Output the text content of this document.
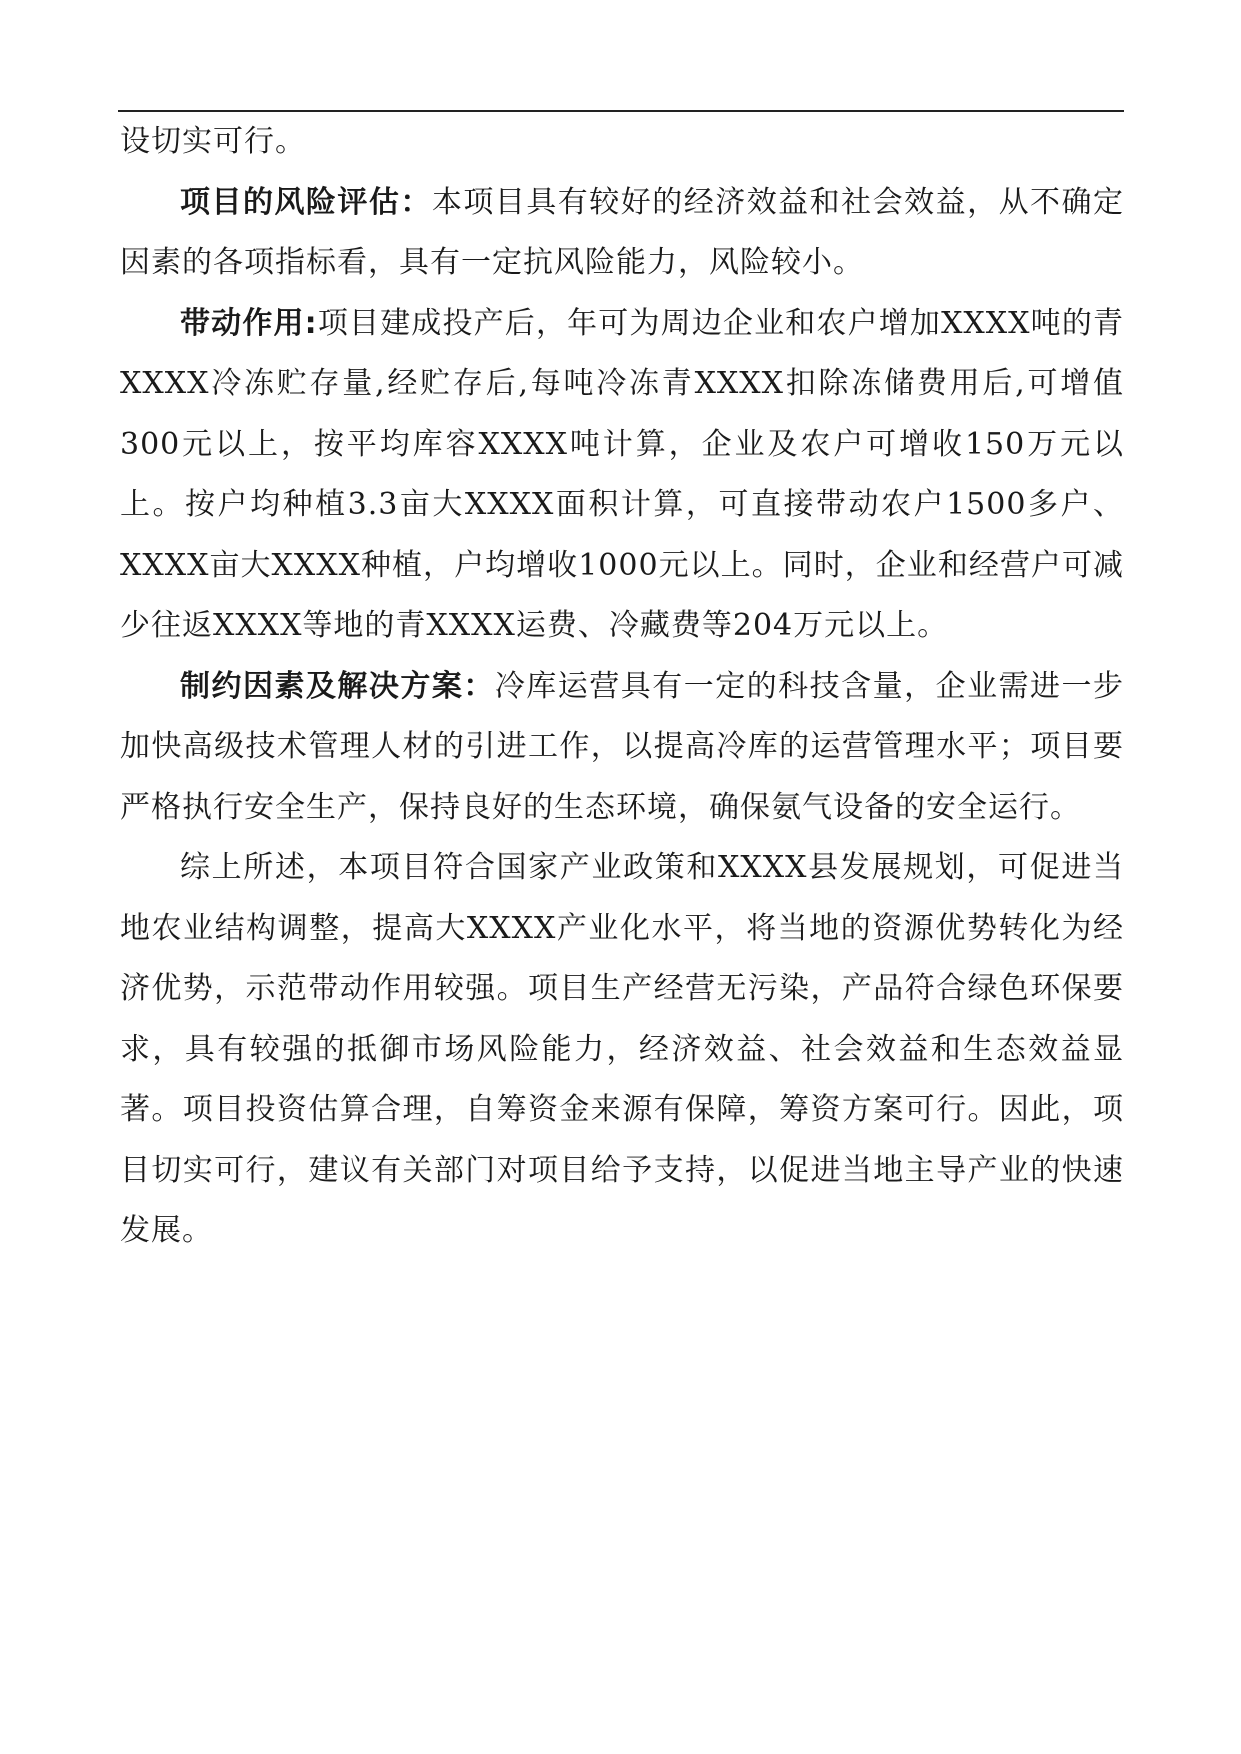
设切实可行。

项目的风险评估：本项目具有较好的经济效益和社会效益，从不确定因素的各项指标看，具有一定抗风险能力，风险较小。

带动作用:项目建成投产后，年可为周边企业和农户增加XXXX吨的青XXXX冷冻贮存量,经贮存后,每吨冷冻青XXXX扣除冻储费用后,可增值300元以上，按平均库容XXXX吨计算，企业及农户可增收150万元以上。按户均种植3.3亩大XXXX面积计算，可直接带动农户1500多户、XXXX亩大XXXX种植，户均增收1000元以上。同时，企业和经营户可减少往返XXXX等地的青XXXX运费、冷藏费等204万元以上。

制约因素及解决方案：冷库运营具有一定的科技含量，企业需进一步加快高级技术管理人材的引进工作，以提高冷库的运营管理水平；项目要严格执行安全生产，保持良好的生态环境，确保氨气设备的安全运行。

综上所述，本项目符合国家产业政策和XXXX县发展规划，可促进当地农业结构调整，提高大XXXX产业化水平，将当地的资源优势转化为经济优势，示范带动作用较强。项目生产经营无污染，产品符合绿色环保要求，具有较强的抵御市场风险能力，经济效益、社会效益和生态效益显著。项目投资估算合理，自筹资金来源有保障，筹资方案可行。因此，项目切实可行，建议有关部门对项目给予支持，以促进当地主导产业的快速发展。
